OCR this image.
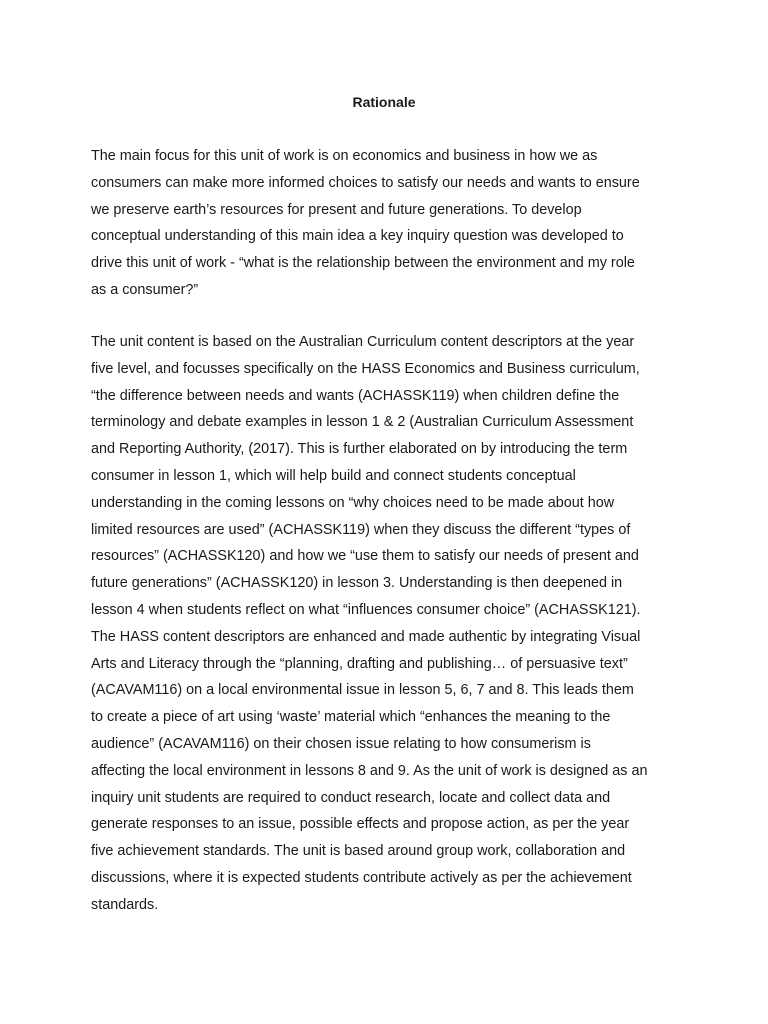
Rationale

The main focus for this unit of work is on economics and business in how we as
consumers can make more informed choices to satisfy our needs and wants to ensure
we preserve earth’s resources for present and future generations. To develop
conceptual understanding of this main idea a key inquiry question was developed to
drive this unit of work - “what is the relationship between the environment and my role
as a consumer?”

The unit content is based on the Australian Curriculum content descriptors at the year
five level, and focusses specifically on the HASS Economics and Business curriculum,
“the difference between needs and wants (ACHASSK119) when children define the
terminology and debate examples in lesson 1 & 2 (Australian Curriculum Assessment
and Reporting Authority, (2017). This is further elaborated on by introducing the term
consumer in lesson 1, which will help build and connect students conceptual
understanding in the coming lessons on “why choices need to be made about how
limited resources are used” (ACHASSK119) when they discuss the different “types of
resources” (ACHASSK120) and how we “use them to satisfy our needs of present and
future generations” (ACHASSK120) in lesson 3. Understanding is then deepened in
lesson 4 when students reflect on what “influences consumer choice” (ACHASSK121).
The HASS content descriptors are enhanced and made authentic by integrating Visual
Arts and Literacy through the “planning, drafting and publishing… of persuasive text”
(ACAVAM116) on a local environmental issue in lesson 5, 6, 7 and 8. This leads them
to create a piece of art using ‘waste’ material which “enhances the meaning to the
audience” (ACAVAM116) on their chosen issue relating to how consumerism is
affecting the local environment in lessons 8 and 9. As the unit of work is designed as an
inquiry unit students are required to conduct research, locate and collect data and
generate responses to an issue, possible effects and propose action, as per the year
five achievement standards. The unit is based around group work, collaboration and
discussions, where it is expected students contribute actively as per the achievement
standards.
